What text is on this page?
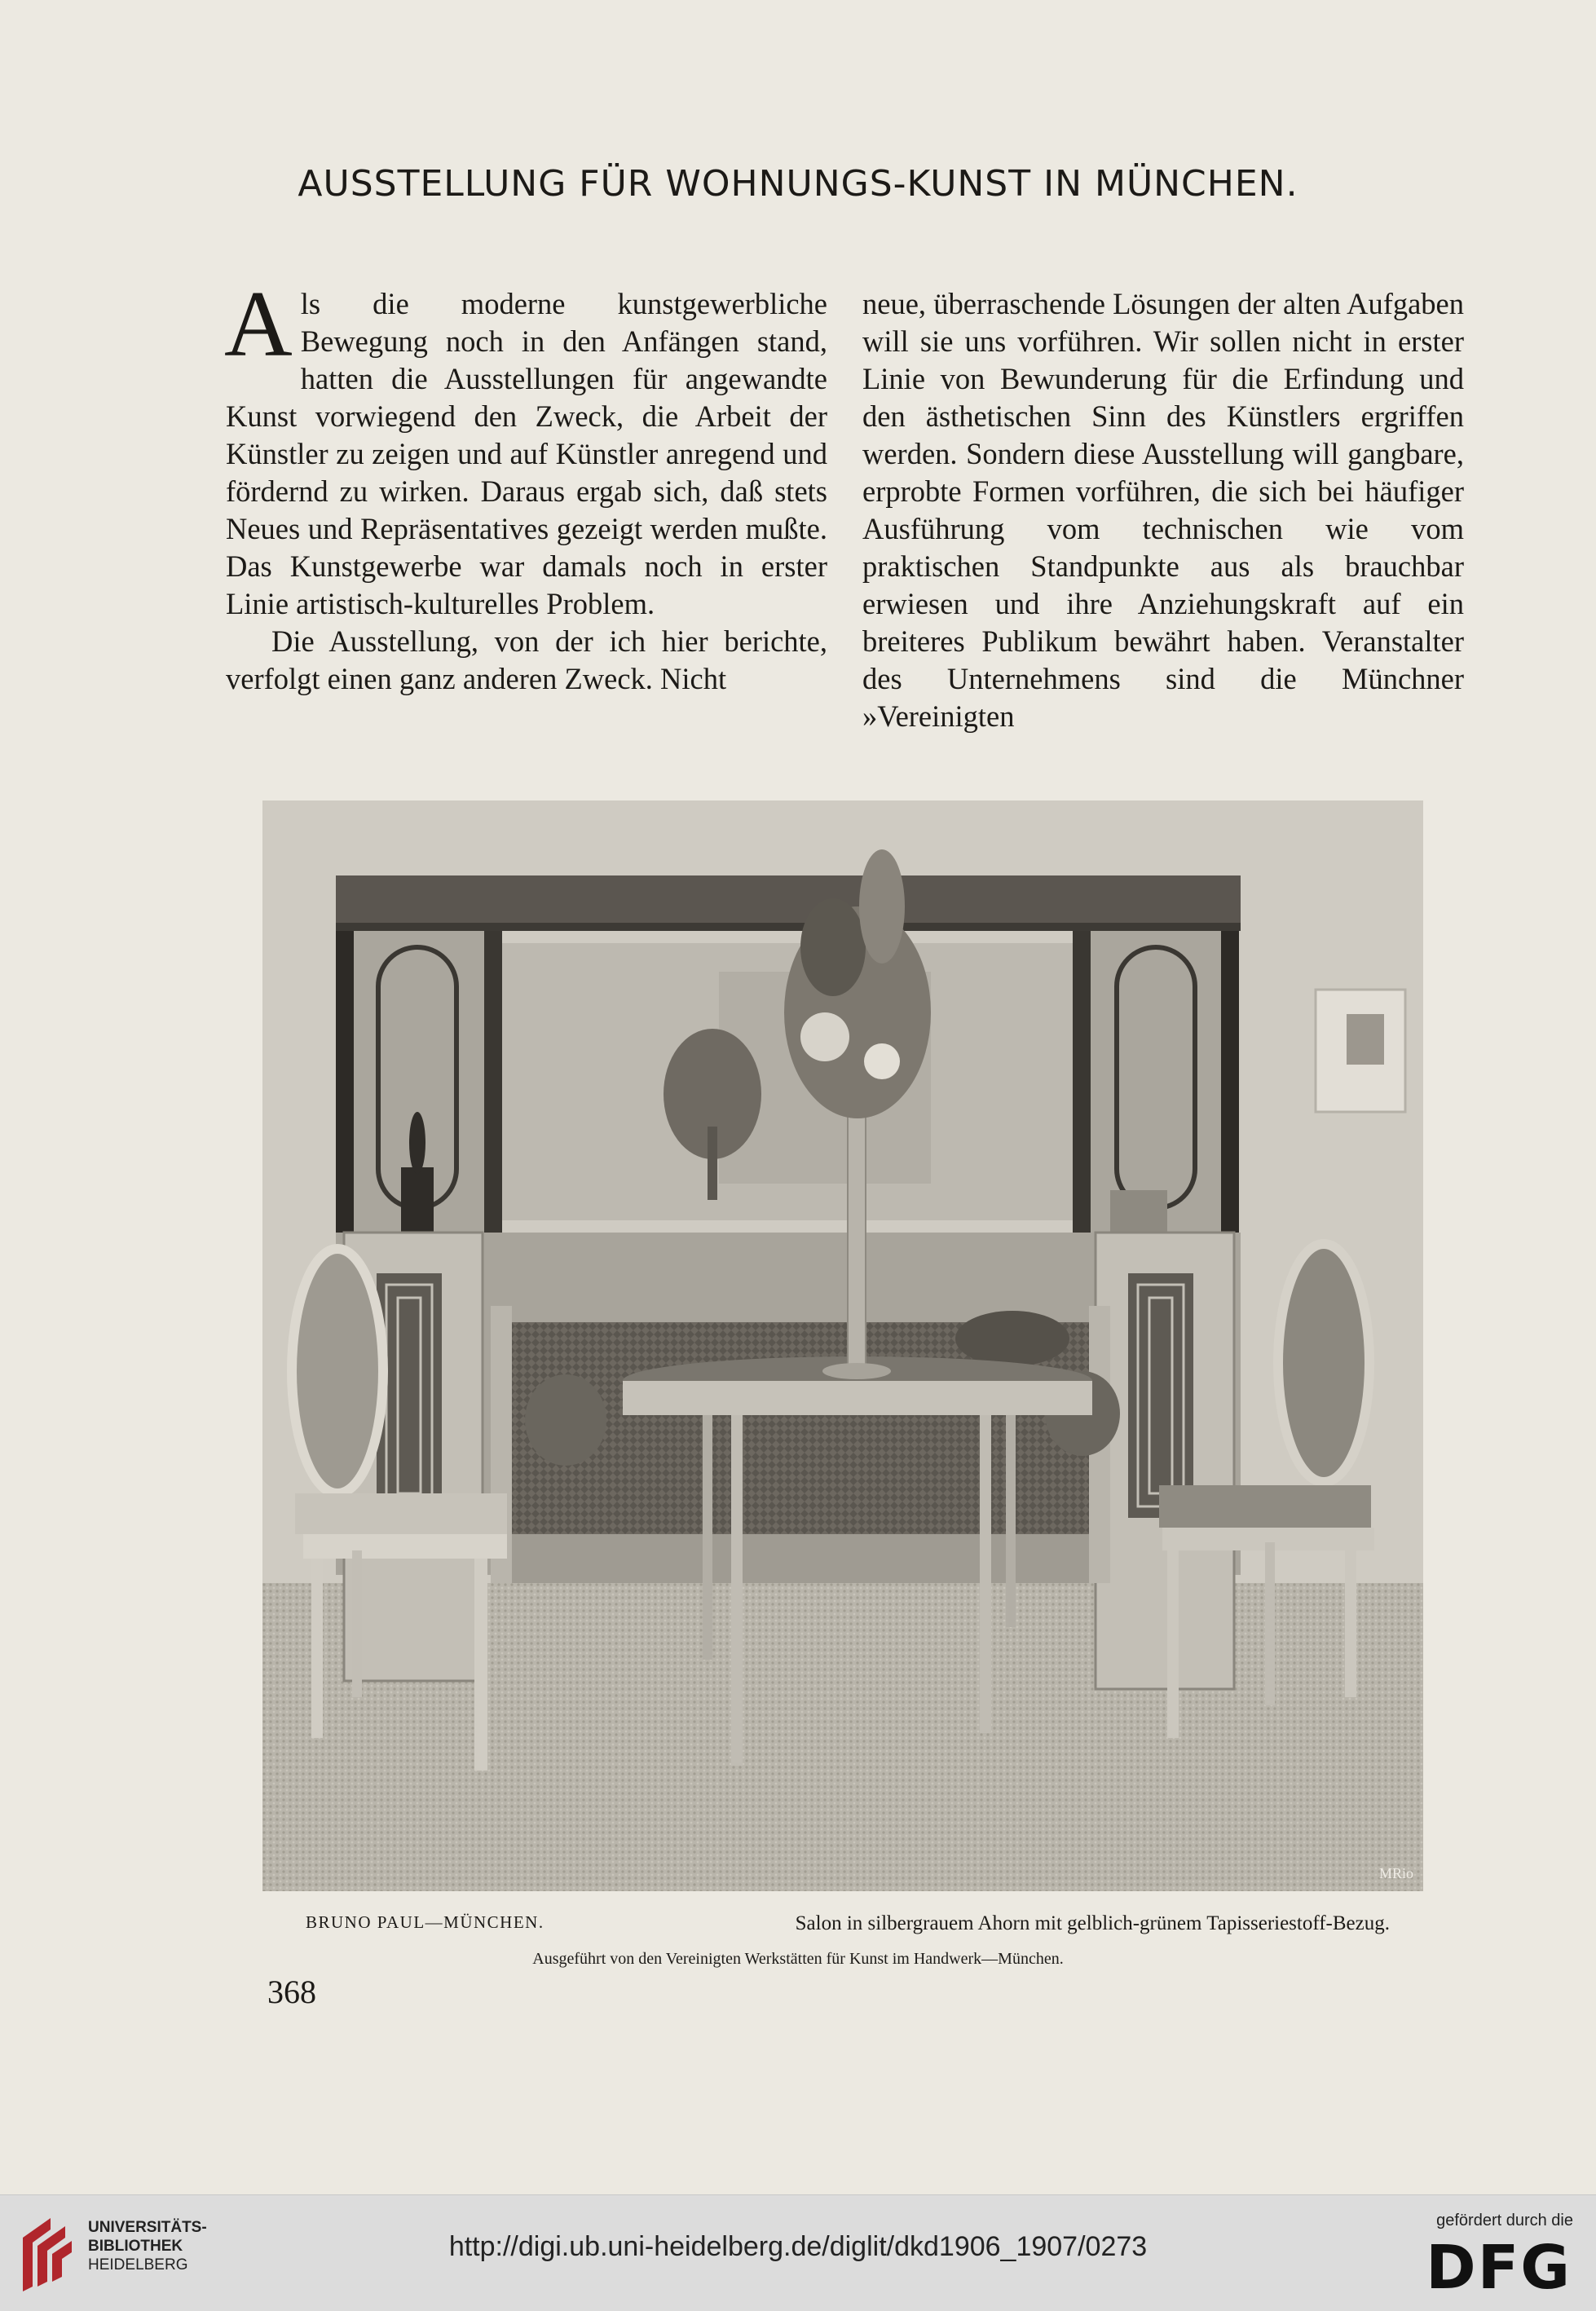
AUSSTELLUNG FÜR WOHNUNGS-KUNST IN MÜNCHEN.

Als die moderne kunstgewerbliche Bewegung noch in den Anfängen stand, hatten die Ausstellungen für angewandte Kunst vorwiegend den Zweck, die Arbeit der Künstler zu zeigen und auf Künstler anregend und fördernd zu wirken. Daraus ergab sich, daß stets Neues und Repräsentatives gezeigt werden mußte. Das Kunstgewerbe war damals noch in erster Linie artistisch-kulturelles Problem.

Die Ausstellung, von der ich hier berichte, verfolgt einen ganz anderen Zweck. Nicht

neue, überraschende Lösungen der alten Aufgaben will sie uns vorführen. Wir sollen nicht in erster Linie von Bewunderung für die Erfindung und den ästhetischen Sinn des Künstlers ergriffen werden. Sondern diese Ausstellung will gangbare, erprobte Formen vorführen, die sich bei häufiger Ausführung vom technischen wie vom praktischen Standpunkte aus als brauchbar erwiesen und ihre Anziehungskraft auf ein breiteres Publikum bewährt haben. Veranstalter des Unternehmens sind die Münchner »Vereinigten

MRio
BRUNO PAUL—MÜNCHEN.	Salon in silbergrauem Ahorn mit gelblich-grünem Tapisseriestoff-Bezug.
Ausgeführt von den Vereinigten Werkstätten für Kunst im Handwerk—München.
368
UNIVERSITÄTS-
BIBLIOTHEK
HEIDELBERG
http://digi.ub.uni-heidelberg.de/diglit/dkd1906_1907/0273
gefördert durch die
DFG
